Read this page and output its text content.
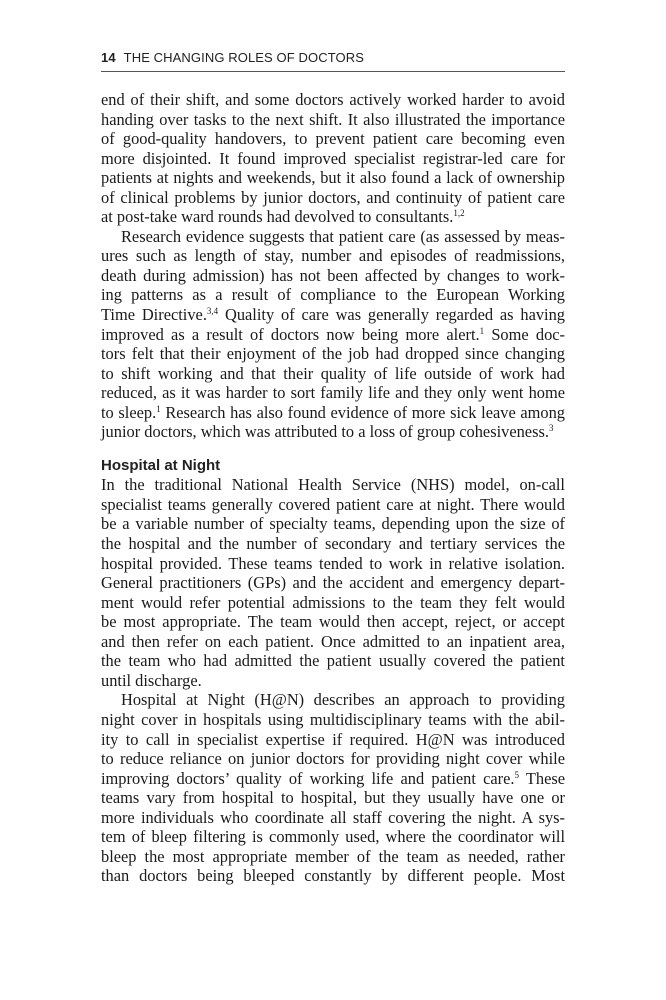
14 THE CHANGING ROLES OF DOCTORS
end of their shift, and some doctors actively worked harder to avoid
handing over tasks to the next shift. It also illustrated the importance
of good-quality handovers, to prevent patient care becoming even
more disjointed. It found improved specialist registrar-led care for
patients at nights and weekends, but it also found a lack of ownership
of clinical problems by junior doctors, and continuity of patient care
at post-take ward rounds had devolved to consultants.$^{1,2}$
Research evidence suggests that patient care (as assessed by meas-
ures such as length of stay, number and episodes of readmissions,
death during admission) has not been affected by changes to work-
ing patterns as a result of compliance to the European Working
Time Directive.$^{3,4}$ Quality of care was generally regarded as having
improved as a result of doctors now being more alert.$^1$ Some doc-
tors felt that their enjoyment of the job had dropped since changing
to shift working and that their quality of life outside of work had
reduced, as it was harder to sort family life and they only went home
to sleep.$^1$ Research has also found evidence of more sick leave among
junior doctors, which was attributed to a loss of group cohesiveness.$^3$
Hospital at Night
In the traditional National Health Service (NHS) model, on-call
specialist teams generally covered patient care at night. There would
be a variable number of specialty teams, depending upon the size of
the hospital and the number of secondary and tertiary services the
hospital provided. These teams tended to work in relative isolation.
General practitioners (GPs) and the accident and emergency depart-
ment would refer potential admissions to the team they felt would
be most appropriate. The team would then accept, reject, or accept
and then refer on each patient. Once admitted to an inpatient area,
the team who had admitted the patient usually covered the patient
until discharge.
Hospital at Night (H@N) describes an approach to providing
night cover in hospitals using multidisciplinary teams with the abil-
ity to call in specialist expertise if required. H@N was introduced
to reduce reliance on junior doctors for providing night cover while
improving doctors’ quality of working life and patient care.$^5$ These
teams vary from hospital to hospital, but they usually have one or
more individuals who coordinate all staff covering the night. A sys-
tem of bleep filtering is commonly used, where the coordinator will
bleep the most appropriate member of the team as needed, rather
than doctors being bleeped constantly by different people. Most
